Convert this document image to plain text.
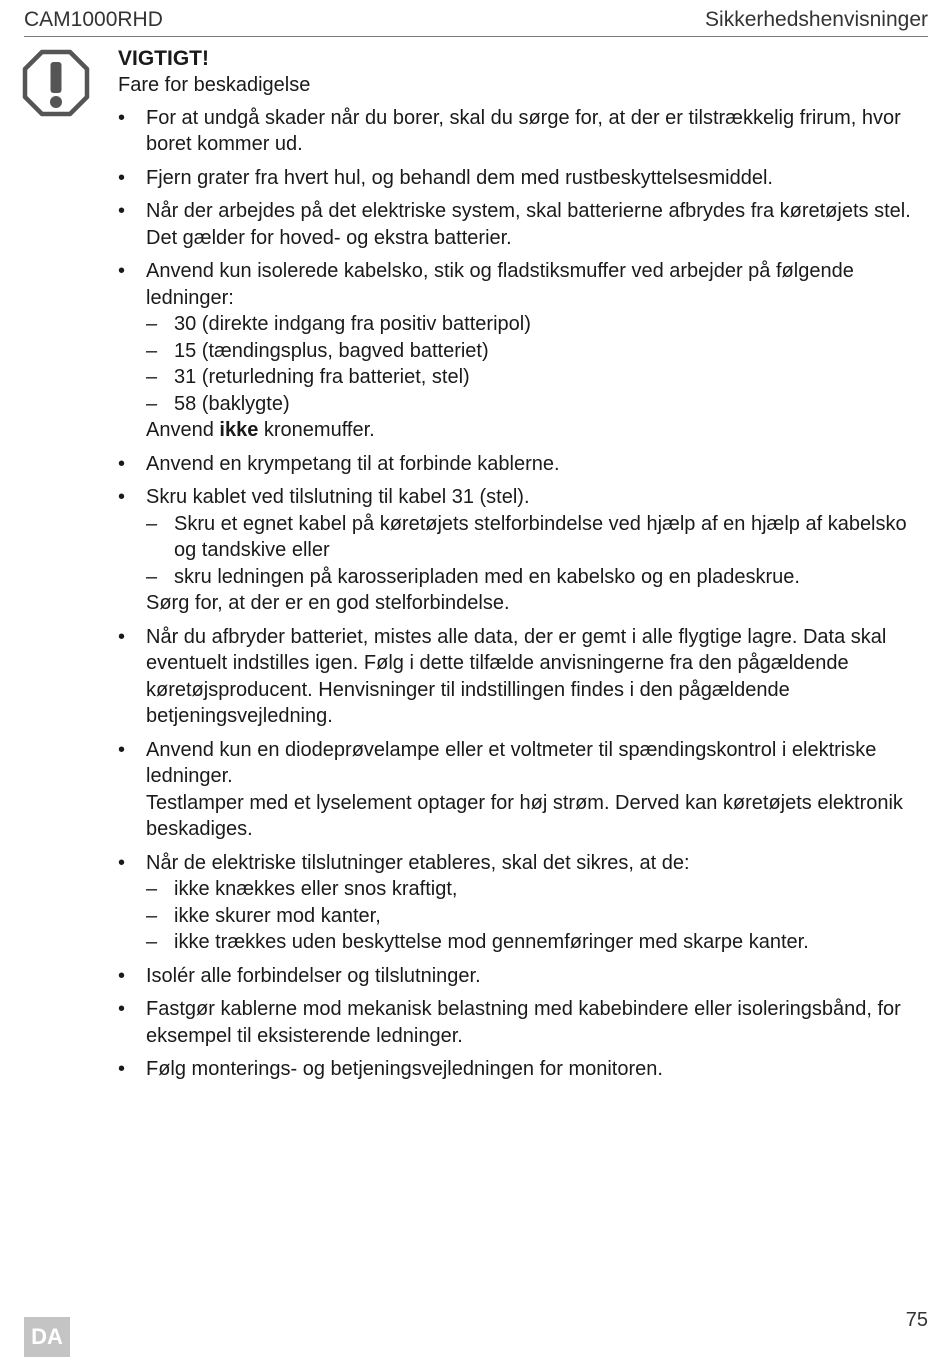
CAM1000RHD	Sikkerhedshenvisninger
VIGTIGT!
Fare for beskadigelse
• For at undgå skader når du borer, skal du sørge for, at der er tilstrækkelig frirum, hvor boret kommer ud.
• Fjern grater fra hvert hul, og behandl dem med rustbeskyttelsesmiddel.
• Når der arbejdes på det elektriske system, skal batterierne afbrydes fra køretøjets stel. Det gælder for hoved- og ekstra batterier.
• Anvend kun isolerede kabelsko, stik og fladstiksmuffer ved arbejder på følgende ledninger:
– 30 (direkte indgang fra positiv batteripol)
– 15 (tændingsplus, bagved batteriet)
– 31 (returledning fra batteriet, stel)
– 58 (baklygte)
Anvend ikke kronemuffer.
• Anvend en krympetang til at forbinde kablerne.
• Skru kablet ved tilslutning til kabel 31 (stel).
– Skru et egnet kabel på køretøjets stelforbindelse ved hjælp af en hjælp af kabelsko og tandskive eller
– skru ledningen på karosseripladen med en kabelsko og en pladeskrue.
Sørg for, at der er en god stelforbindelse.
• Når du afbryder batteriet, mistes alle data, der er gemt i alle flygtige lagre. Data skal eventuelt indstilles igen. Følg i dette tilfælde anvisningerne fra den pågældende køretøjsproducent. Henvisninger til indstillingen findes i den pågældende betjeningsvejledning.
• Anvend kun en diodeprøvelampe eller et voltmeter til spændingskontrol i elektriske ledninger.
Testlamper med et lyselement optager for høj strøm. Derved kan køretøjets elektronik beskadiges.
• Når de elektriske tilslutninger etableres, skal det sikres, at de:
– ikke knækkes eller snos kraftigt,
– ikke skurer mod kanter,
– ikke trækkes uden beskyttelse mod gennemføringer med skarpe kanter.
• Isolér alle forbindelser og tilslutninger.
• Fastgør kablerne mod mekanisk belastning med kabebindere eller isoleringsbånd, for eksempel til eksisterende ledninger.
• Følg monterings- og betjeningsvejledningen for monitoren.
DA
75
